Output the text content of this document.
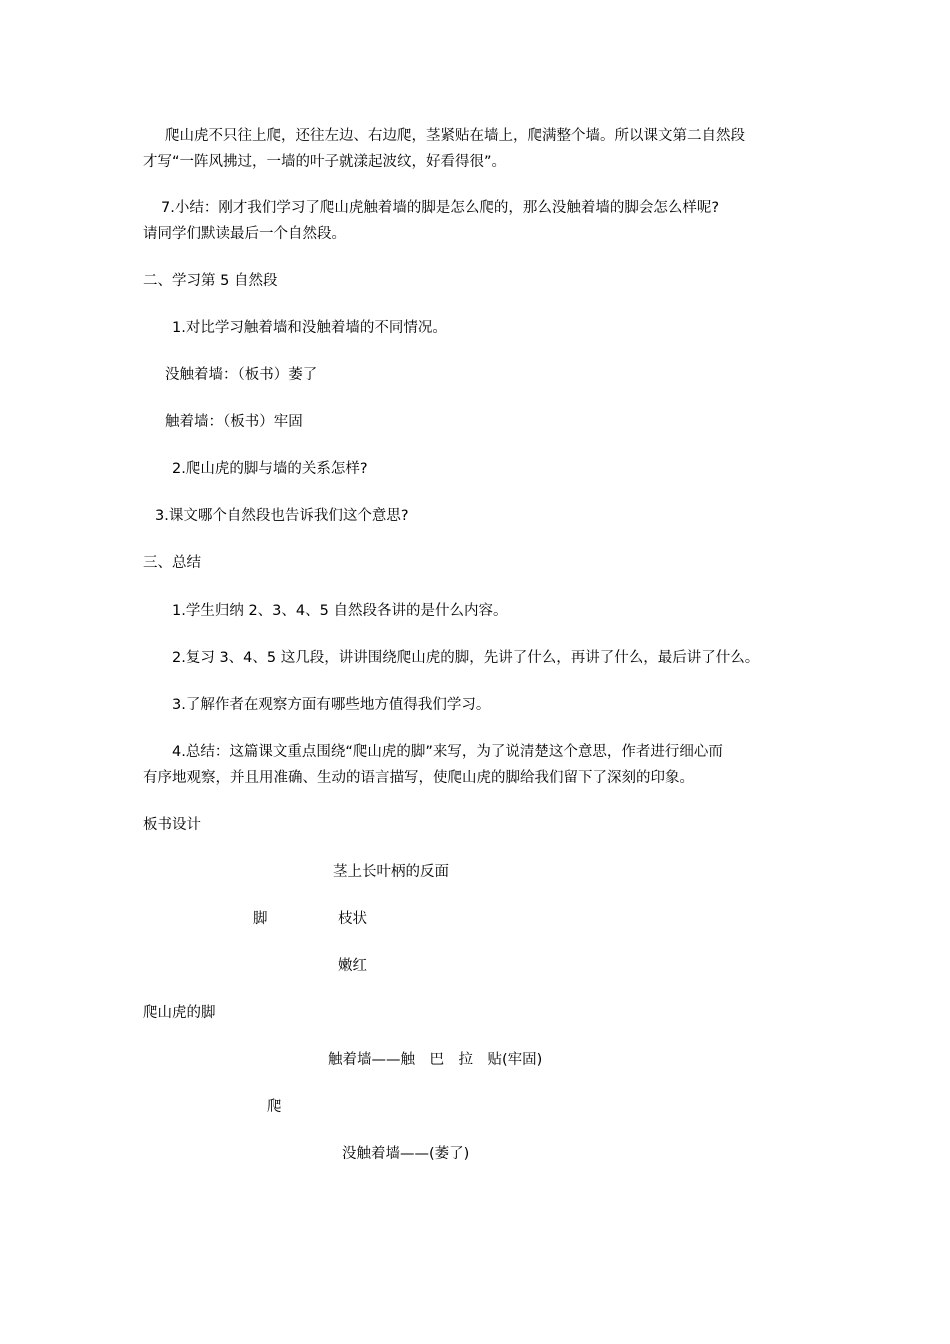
爬山虎不只往上爬，还往左边、右边爬，茎紧贴在墙上，爬满整个墙。所以课文第二自然段
才写“一阵风拂过，一墙的叶子就漾起波纹，好看得很”。
7.小结：刚才我们学习了爬山虎触着墙的脚是怎么爬的，那么没触着墙的脚会怎么样呢?
请同学们默读最后一个自然段。
二、学习第 5 自然段
1.对比学习触着墙和没触着墙的不同情况。
没触着墙：（板书）萎了
触着墙：（板书）牢固
2.爬山虎的脚与墙的关系怎样?
3.课文哪个自然段也告诉我们这个意思?
三、总结
1.学生归纳 2、3、4、5 自然段各讲的是什么内容。
2.复习 3、4、5 这几段，讲讲围绕爬山虎的脚，先讲了什么，再讲了什么，最后讲了什么。
3.了解作者在观察方面有哪些地方值得我们学习。
4.总结：这篇课文重点围绕“爬山虎的脚”来写，为了说清楚这个意思，作者进行细心而
有序地观察，并且用准确、生动的语言描写，使爬山虎的脚给我们留下了深刻的印象。
板书设计
茎上长叶柄的反面
脚	枝状
嫩红
爬山虎的脚
触着墙——触　巴　拉　贴(牢固)
爬
没触着墙——(萎了)
